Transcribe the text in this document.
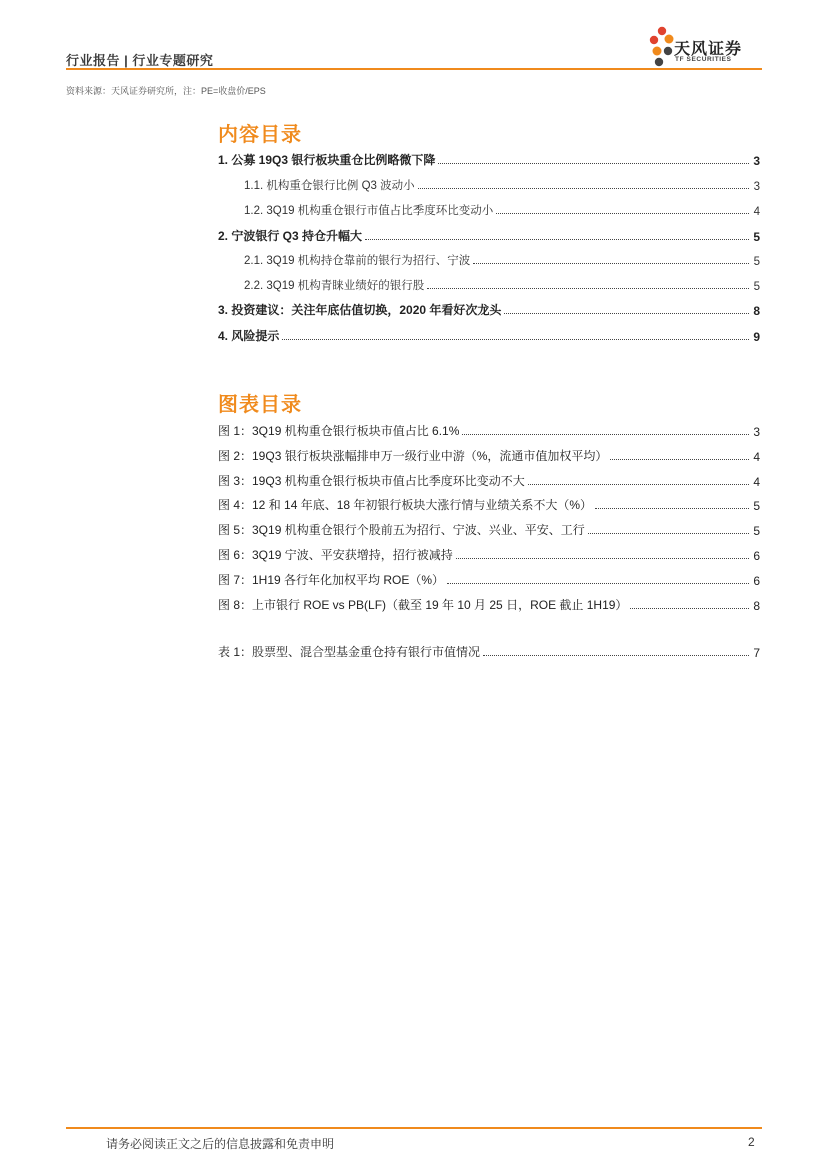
行业报告 | 行业专题研究
天风证券
TF SECURITIES
资料来源：天风证券研究所，注：PE=收盘价/EPS
内容目录
1. 公募 19Q3 银行板块重仓比例略微下降	3
1.1. 机构重仓银行比例 Q3 波动小	3
1.2. 3Q19 机构重仓银行市值占比季度环比变动小	4
2. 宁波银行 Q3 持仓升幅大	5
2.1. 3Q19 机构持仓靠前的银行为招行、宁波	5
2.2. 3Q19 机构青睐业绩好的银行股	5
3. 投资建议：关注年底估值切换，2020 年看好次龙头	8
4. 风险提示	9
图表目录
图 1：3Q19 机构重仓银行板块市值占比 6.1%	3
图 2：19Q3 银行板块涨幅排申万一级行业中游（%，流通市值加权平均）	4
图 3：19Q3 机构重仓银行板块市值占比季度环比变动不大	4
图 4：12 和 14 年底、18 年初银行板块大涨行情与业绩关系不大（%）	5
图 5：3Q19 机构重仓银行个股前五为招行、宁波、兴业、平安、工行	5
图 6：3Q19 宁波、平安获增持，招行被减持	6
图 7：1H19 各行年化加权平均 ROE（%）	6
图 8：上市银行 ROE vs PB(LF)（截至 19 年 10 月 25 日，ROE 截止 1H19）	8
表 1：股票型、混合型基金重仓持有银行市值情况	7
请务必阅读正文之后的信息披露和免责申明	2
